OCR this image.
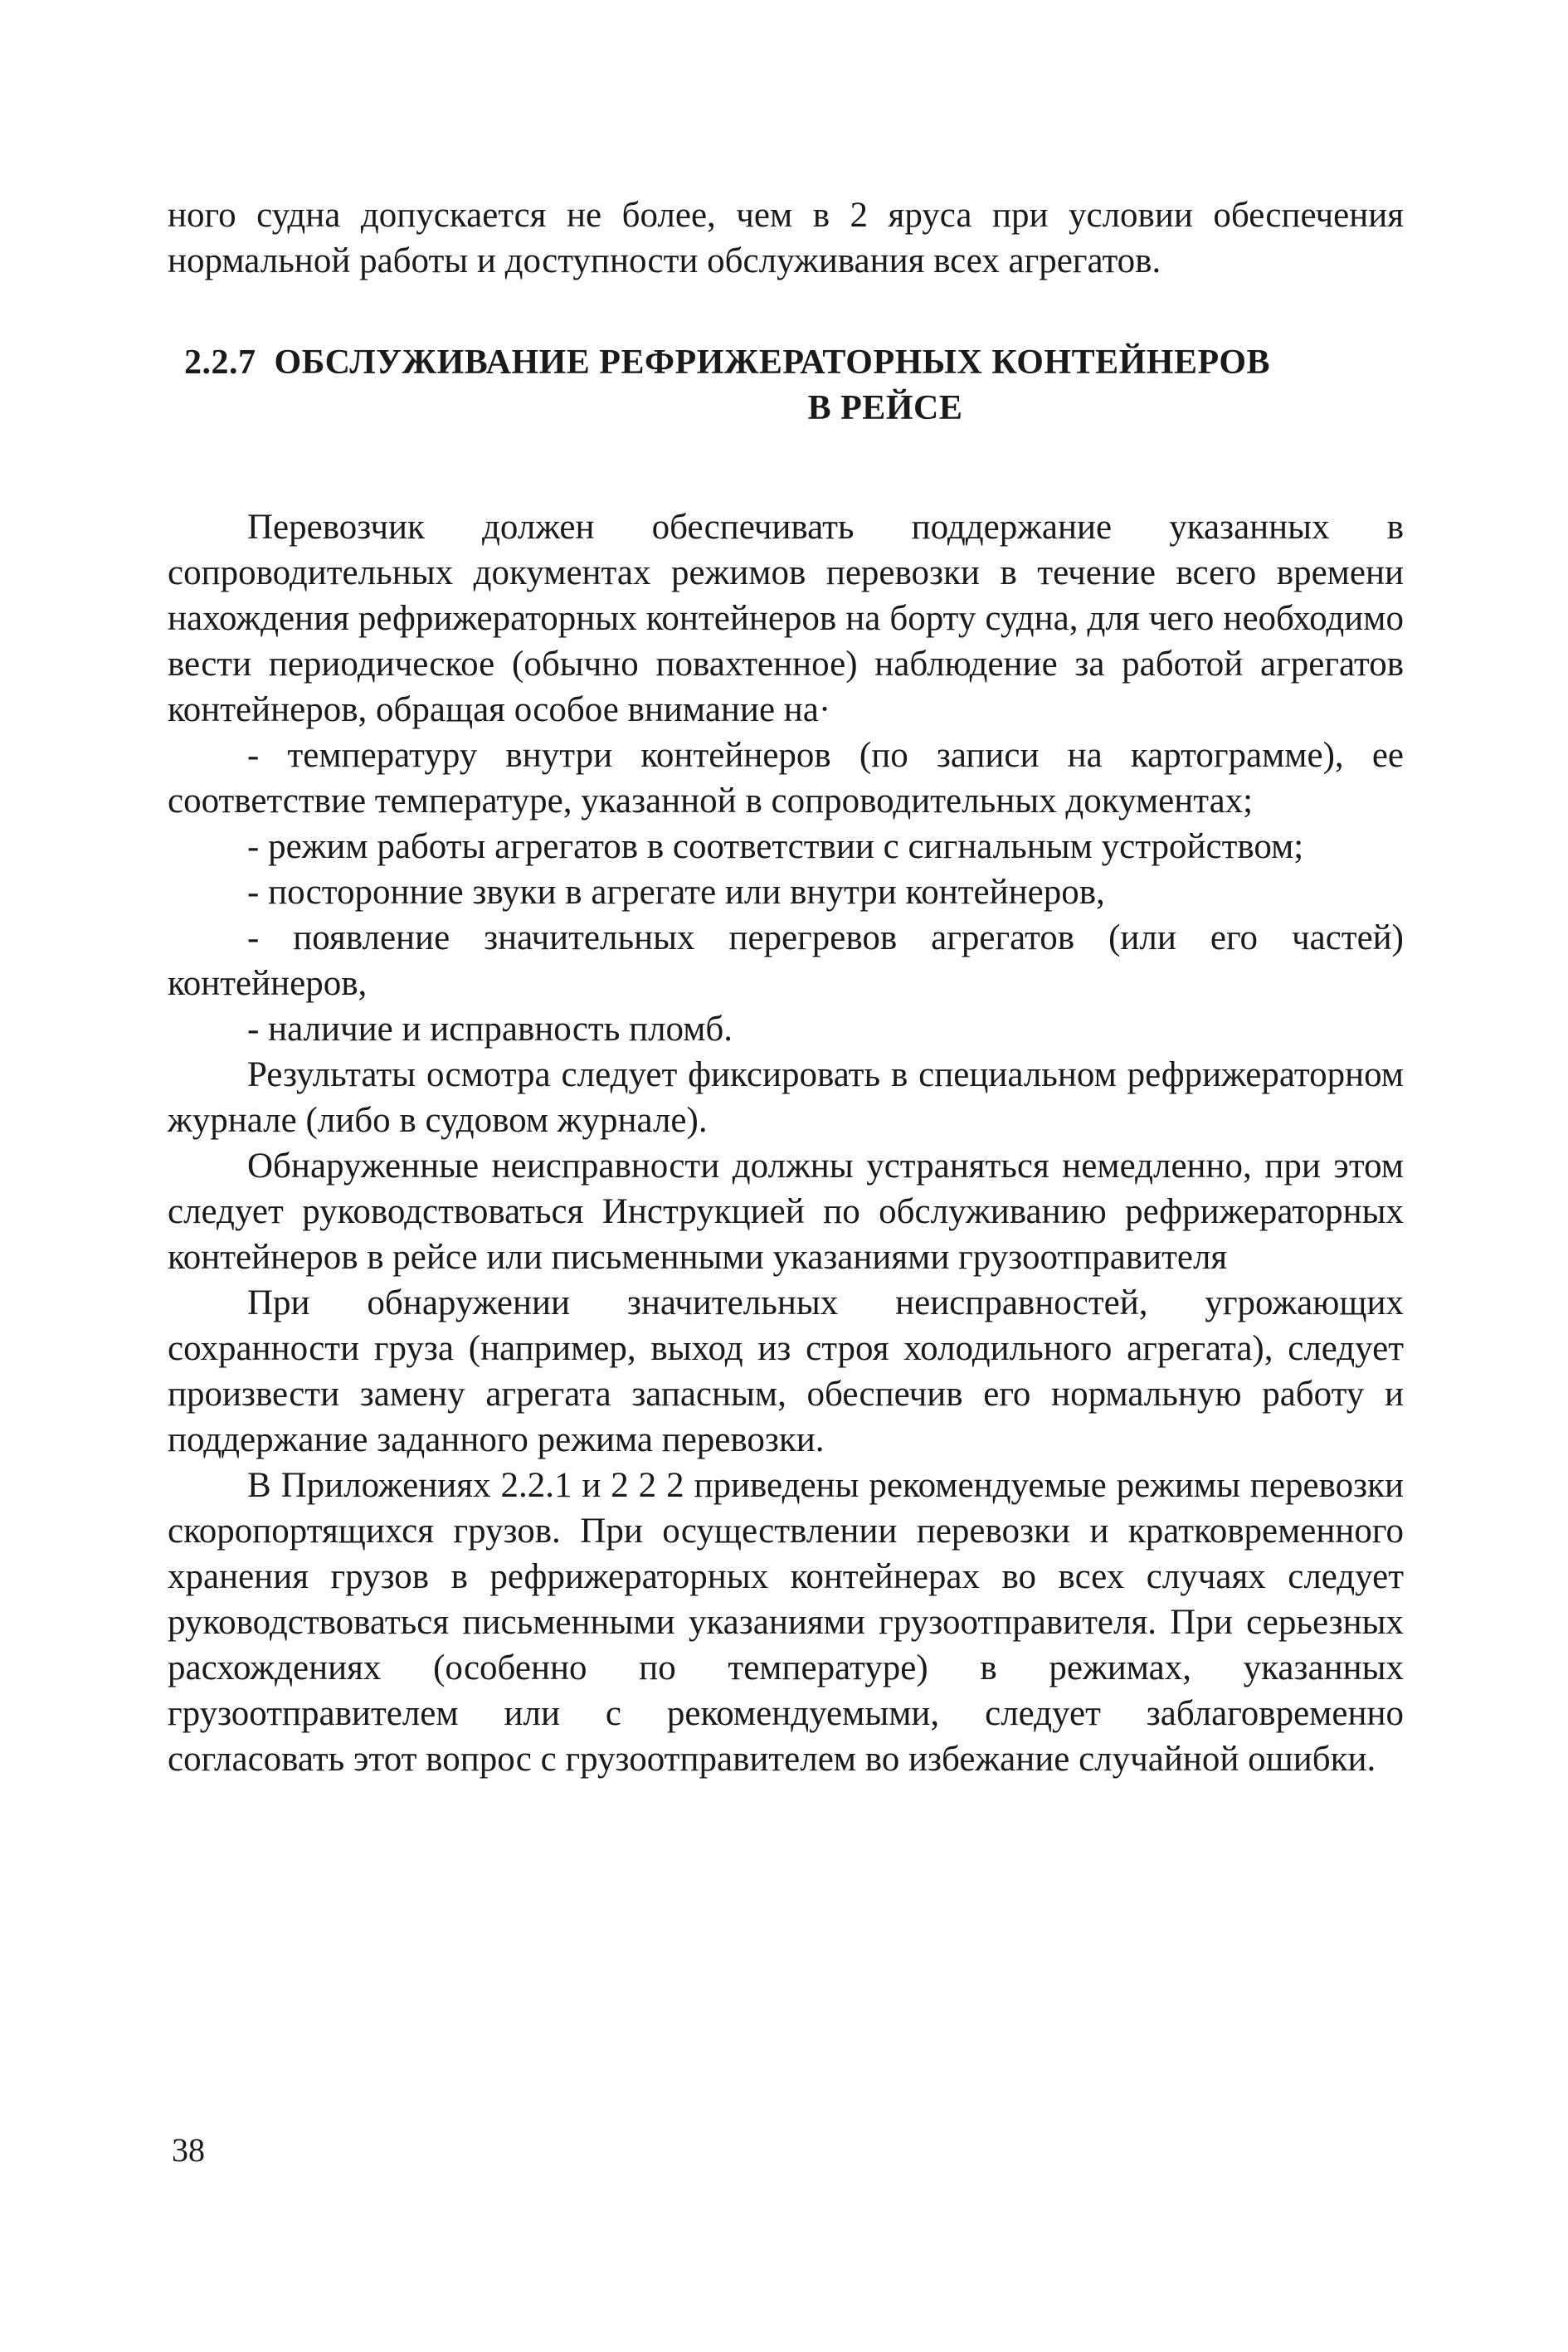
ного судна допускается не более, чем в 2 яруса при условии обеспечения нормальной работы и доступности обслуживания всех агрегатов.

2.2.7 ОБСЛУЖИВАНИЕ РЕФРИЖЕРАТОРНЫХ КОНТЕЙНЕРОВ
В РЕЙСЕ

Перевозчик должен обеспечивать поддержание указанных в сопроводительных документах режимов перевозки в течение всего времени нахождения рефрижераторных контейнеров на борту судна, для чего необходимо вести периодическое (обычно повахтенное) наблюдение за работой агрегатов контейнеров, обращая особое внимание на·

- температуру внутри контейнеров (по записи на картограмме), ее соответствие температуре, указанной в сопроводительных документах;

- режим работы агрегатов в соответствии с сигнальным устройством;

- посторонние звуки в агрегате или внутри контейнеров,

- появление значительных перегревов агрегатов (или его частей) контейнеров,

- наличие и исправность пломб.

Результаты осмотра следует фиксировать в специальном рефрижераторном журнале (либо в судовом журнале).

Обнаруженные неисправности должны устраняться немедленно, при этом следует руководствоваться Инструкцией по обслуживанию рефрижераторных контейнеров в рейсе или письменными указаниями грузоотправителя

При обнаружении значительных неисправностей, угрожающих сохранности груза (например, выход из строя холодильного агрегата), следует произвести замену агрегата запасным, обеспечив его нормальную работу и поддержание заданного режима перевозки.

В Приложениях 2.2.1 и 2 2 2 приведены рекомендуемые режимы перевозки скоропортящихся грузов. При осуществлении перевозки и кратковременного хранения грузов в рефрижераторных контейнерах во всех случаях следует руководствоваться письменными указаниями грузоотправителя. При серьезных расхождениях (особенно по температуре) в режимах, указанных грузоотправителем или с рекомендуемыми, следует заблаговременно согласовать этот вопрос с грузоотправителем во избежание случайной ошибки.

38
